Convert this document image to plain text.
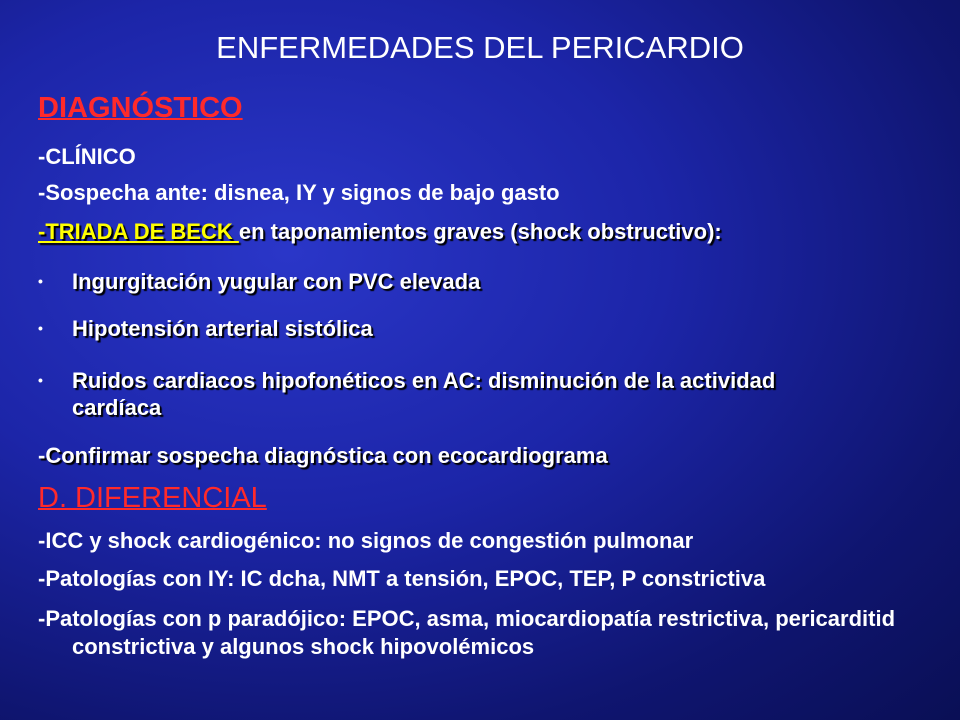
ENFERMEDADES DEL PERICARDIO
DIAGNÓSTICO
-CLÍNICO
-Sospecha ante: disnea, IY y signos de bajo gasto
-TRIADA DE BECK en taponamientos graves (shock obstructivo):
• Ingurgitación yugular con PVC elevada
• Hipotensión arterial sistólica
• Ruidos cardiacos hipofonéticos en AC: disminución de la actividad cardíaca
-Confirmar sospecha diagnóstica con ecocardiograma
D. DIFERENCIAL
-ICC y shock cardiogénico: no signos de congestión pulmonar
-Patologías con IY: IC dcha, NMT a tensión, EPOC, TEP, P constrictiva
-Patologías con p paradójico: EPOC, asma, miocardiopatía restrictiva, pericarditid constrictiva y algunos shock hipovolémicos
